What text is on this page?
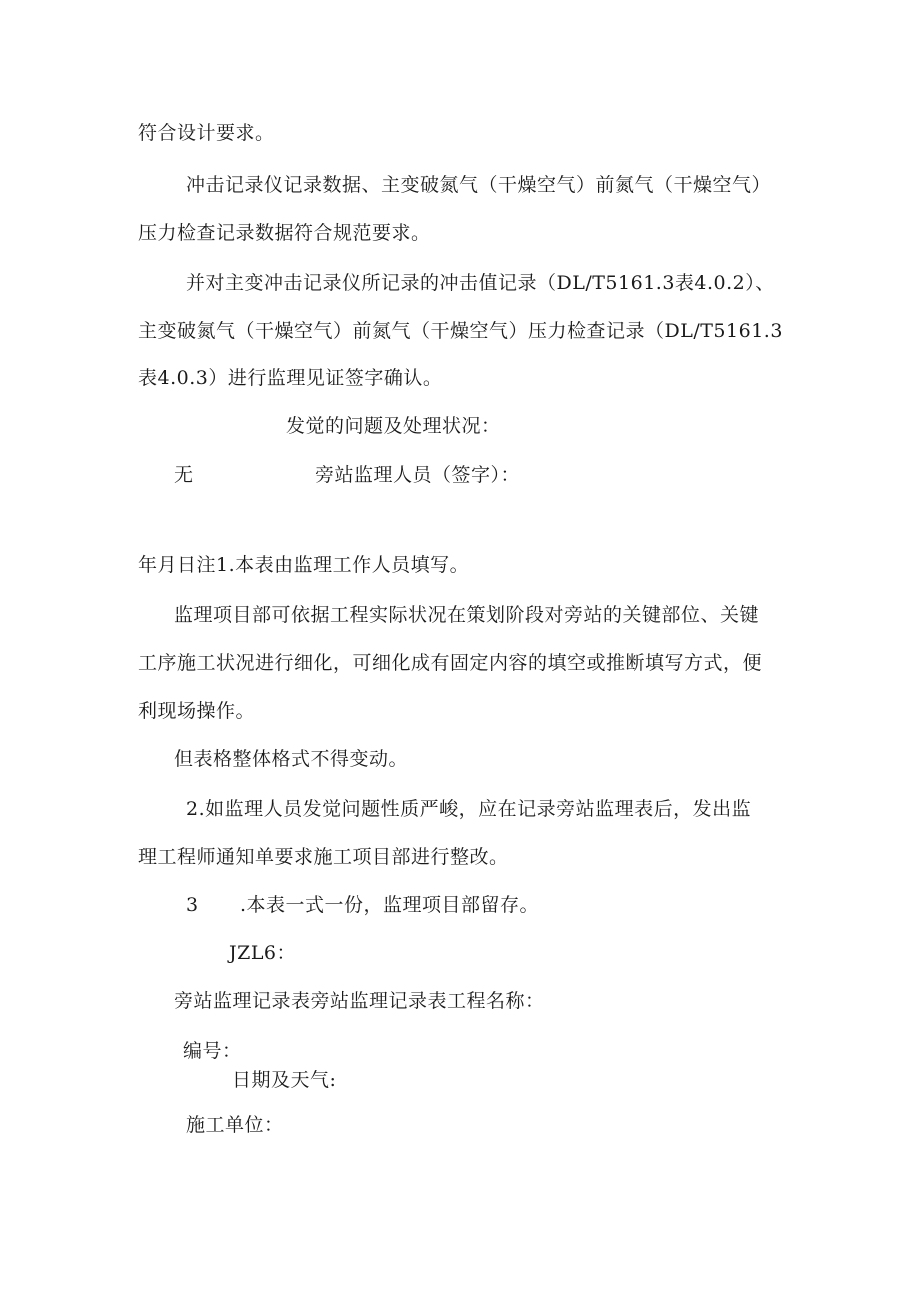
符合设计要求。
冲击记录仪记录数据、主变破氮气（干燥空气）前氮气（干燥空气）
压力检查记录数据符合规范要求。
并对主变冲击记录仪所记录的冲击值记录（DL/T5161.3表4.0.2）、
主变破氮气（干燥空气）前氮气（干燥空气）压力检查记录（DL/T5161.3
表4.0.3）进行监理见证签字确认。
发觉的问题及处理状况：
无	旁站监理人员（签字）：
年月日注1.本表由监理工作人员填写。
监理项目部可依据工程实际状况在策划阶段对旁站的关键部位、关键
工序施工状况进行细化，可细化成有固定内容的填空或推断填写方式，便
利现场操作。
但表格整体格式不得变动。
2.如监理人员发觉问题性质严峻，应在记录旁站监理表后，发出监
理工程师通知单要求施工项目部进行整改。
3 .本表一式一份，监理项目部留存。
JZL6：
旁站监理记录表旁站监理记录表工程名称：
编号：
日期及天气:
施工单位：
